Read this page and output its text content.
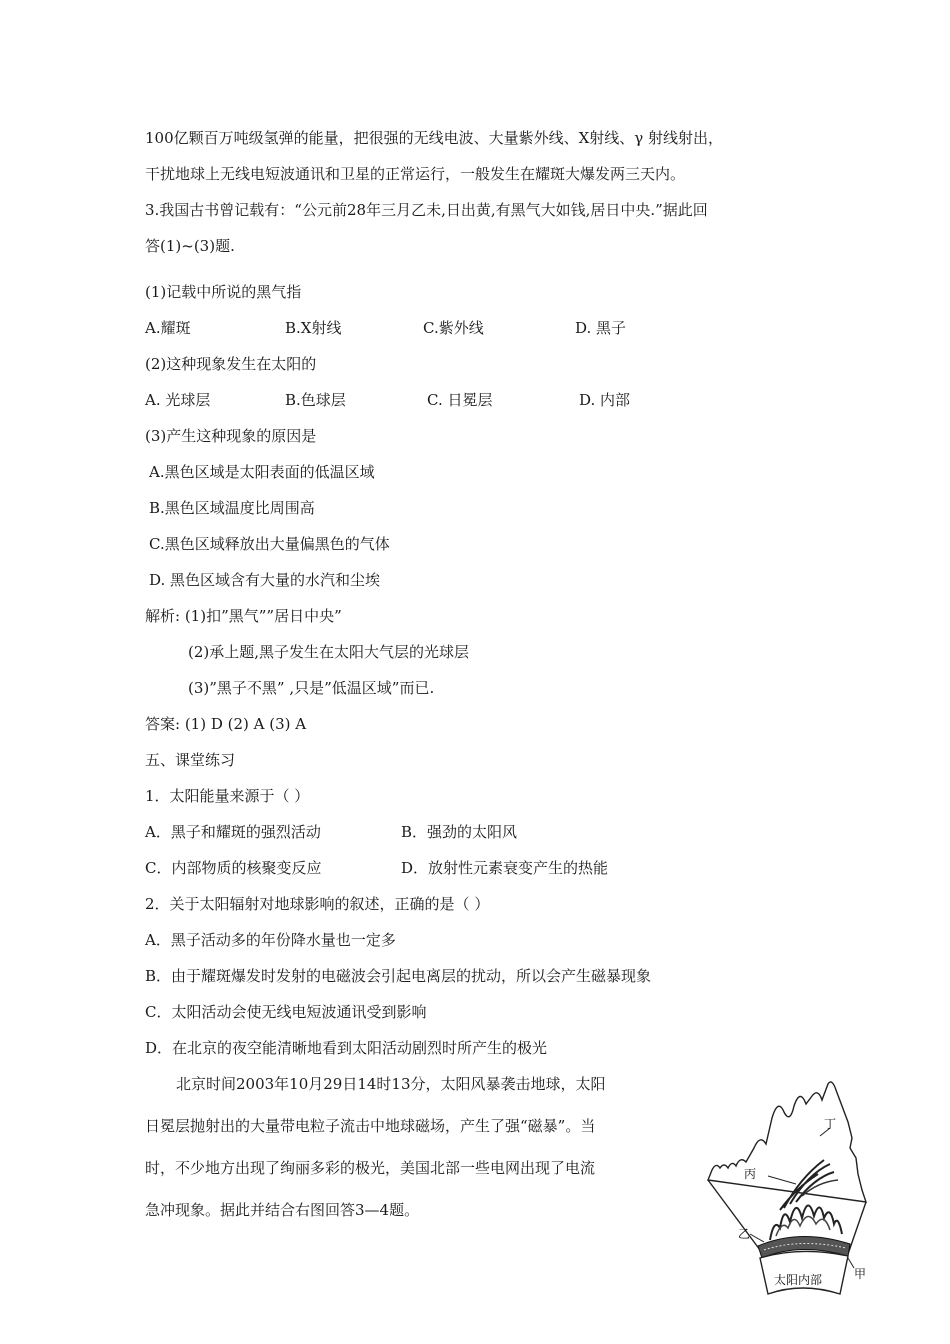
100亿颗百万吨级氢弹的能量，把很强的无线电波、大量紫外线、X射线、γ 射线射出，
干扰地球上无线电短波通讯和卫星的正常运行，一般发生在耀斑大爆发两三天内。
3.我国古书曾记载有：“公元前28年三月乙未,日出黄,有黑气大如钱,居日中央.”据此回
答(1)~(3)题.
(1)记载中所说的黑气指
A.耀斑	B.X射线	C.紫外线	D. 黑子
(2)这种现象发生在太阳的
A. 光球层	B.色球层	C. 日冕层	D. 内部
(3)产生这种现象的原因是
A.黑色区域是太阳表面的低温区域
B.黑色区域温度比周围高
C.黑色区域释放出大量偏黑色的气体
D. 黑色区域含有大量的水汽和尘埃
解析: (1)扣”黑气””居日中央”
(2)承上题,黑子发生在太阳大气层的光球层
(3)”黑子不黑” ,只是”低温区域”而已.
答案: (1) D (2) A (3) A
五、课堂练习
1．太阳能量来源于（ ）
A．黑子和耀斑的强烈活动	B．强劲的太阳风
C．内部物质的核聚变反应	D．放射性元素衰变产生的热能
2．关于太阳辐射对地球影响的叙述，正确的是（ ）
A．黑子活动多的年份降水量也一定多
B．由于耀斑爆发时发射的电磁波会引起电离层的扰动，所以会产生磁暴现象
C．太阳活动会使无线电短波通讯受到影响
D．在北京的夜空能清晰地看到太阳活动剧烈时所产生的极光
北京时间2003年10月29日14时13分，太阳风暴袭击地球，太阳
日冕层抛射出的大量带电粒子流击中地球磁场，产生了强“磁暴”。当
时，不少地方出现了绚丽多彩的极光，美国北部一些电网出现了电流
急冲现象。据此并结合右图回答3—4题。
丁
丙
乙
甲
太阳内部
